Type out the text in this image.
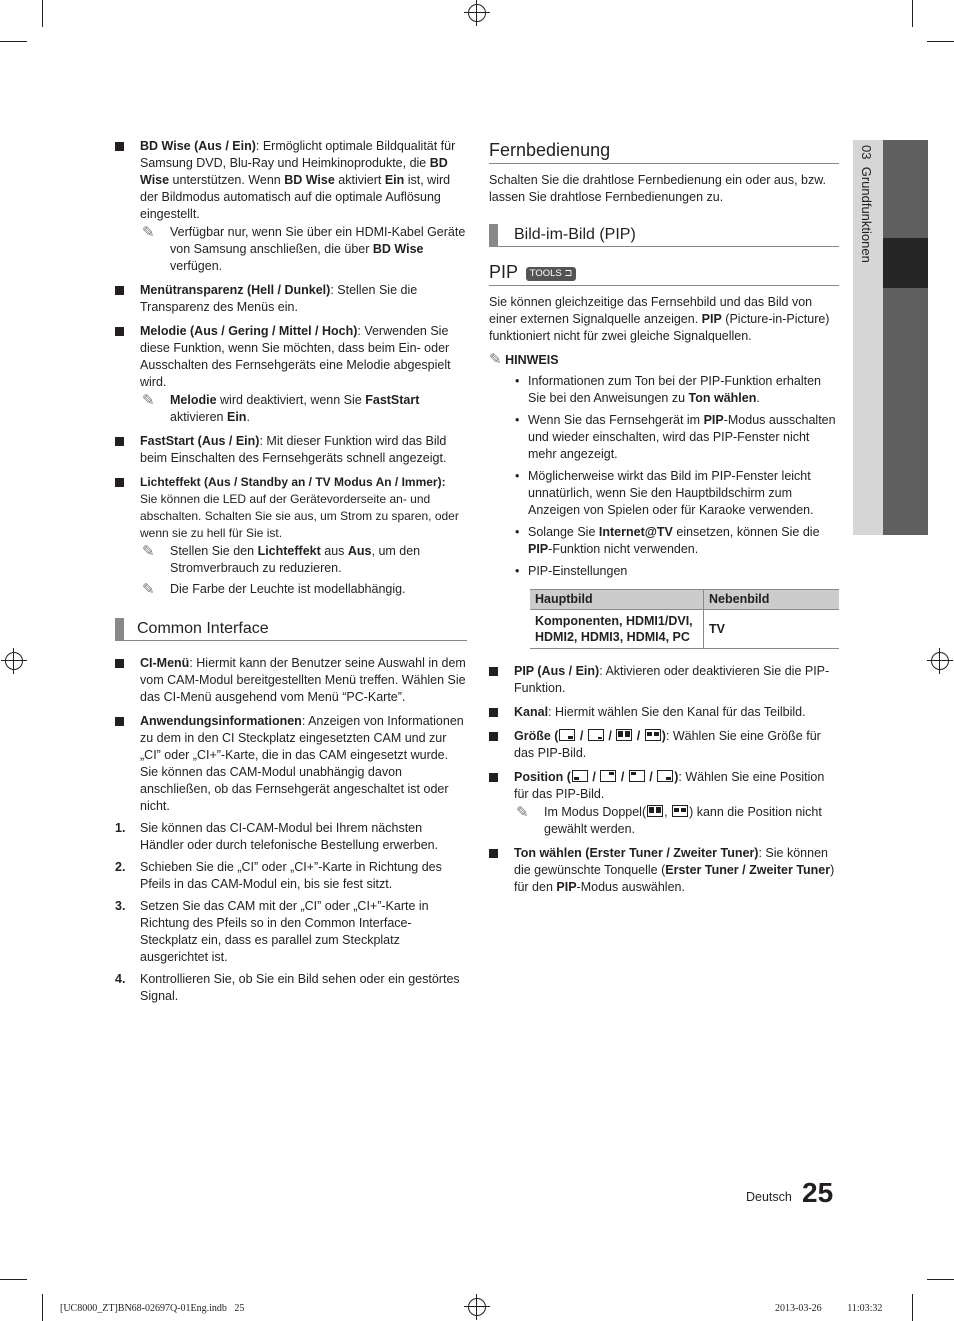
03  Grundfunktionen
BD Wise (Aus / Ein): Ermöglicht optimale Bildqualität für Samsung DVD, Blu-Ray und Heimkinoprodukte, die BD Wise unterstützen. Wenn BD Wise aktiviert Ein ist, wird der Bildmodus automatisch auf die optimale Auflösung eingestellt.
✎ Verfügbar nur, wenn Sie über ein HDMI-Kabel Geräte von Samsung anschließen, die über BD Wise verfügen.
Menütransparenz (Hell / Dunkel): Stellen Sie die Transparenz des Menüs ein.
Melodie (Aus / Gering / Mittel / Hoch): Verwenden Sie diese Funktion, wenn Sie möchten, dass beim Ein- oder Ausschalten des Fernsehgeräts eine Melodie abgespielt wird.
✎ Melodie wird deaktiviert, wenn Sie FastStart aktivieren Ein.
FastStart (Aus / Ein): Mit dieser Funktion wird das Bild beim Einschalten des Fernsehgeräts schnell angezeigt.
Lichteffekt (Aus / Standby an / TV Modus An / Immer):
Sie können die LED auf der Gerätevorderseite an- und abschalten. Schalten Sie sie aus, um Strom zu sparen, oder wenn sie zu hell für Sie ist.
✎ Stellen Sie den Lichteffekt aus Aus, um den Stromverbrauch zu reduzieren.
✎ Die Farbe der Leuchte ist modellabhängig.
Common Interface
CI-Menü: Hiermit kann der Benutzer seine Auswahl in dem vom CAM-Modul bereitgestellten Menü treffen. Wählen Sie das CI-Menü ausgehend vom Menü “PC-Karte”.
Anwendungsinformationen: Anzeigen von Informationen zu dem in den CI Steckplatz eingesetzten CAM und zur „CI” oder „CI+”-Karte, die in das CAM eingesetzt wurde. Sie können das CAM-Modul unabhängig davon anschließen, ob das Fernsehgerät angeschaltet ist oder nicht.
1. Sie können das CI-CAM-Modul bei Ihrem nächsten Händler oder durch telefonische Bestellung erwerben.
2. Schieben Sie die „CI” oder „CI+”-Karte in Richtung des Pfeils in das CAM-Modul ein, bis sie fest sitzt.
3. Setzen Sie das CAM mit der „CI” oder „CI+”-Karte in Richtung des Pfeils so in den Common Interface-Steckplatz ein, dass es parallel zum Steckplatz ausgerichtet ist.
4. Kontrollieren Sie, ob Sie ein Bild sehen oder ein gestörtes Signal.
Fernbedienung
Schalten Sie die drahtlose Fernbedienung ein oder aus, bzw. lassen Sie drahtlose Fernbedienungen zu.
Bild-im-Bild (PIP)
PIP TOOLS ⊐
Sie können gleichzeitige das Fernsehbild und das Bild von einer externen Signalquelle anzeigen. PIP (Picture-in-Picture) funktioniert nicht für zwei gleiche Signalquellen.
✎ HINWEIS
• Informationen zum Ton bei der PIP-Funktion erhalten Sie bei den Anweisungen zu Ton wählen.
• Wenn Sie das Fernsehgerät im PIP-Modus ausschalten und wieder einschalten, wird das PIP-Fenster nicht mehr angezeigt.
• Möglicherweise wirkt das Bild im PIP-Fenster leicht unnatürlich, wenn Sie den Hauptbildschirm zum Anzeigen von Spielen oder für Karaoke verwenden.
• Solange Sie Internet@TV einsetzen, können Sie die PIP-Funktion nicht verwenden.
• PIP-Einstellungen
Hauptbild	Nebenbild
Komponenten, HDMI1/DVI, HDMI2, HDMI3, HDMI4, PC	TV
PIP (Aus / Ein): Aktivieren oder deaktivieren Sie die PIP-Funktion.
Kanal: Hiermit wählen Sie den Kanal für das Teilbild.
Größe (
/
/
/
): Wählen Sie eine Größe für das PIP-Bild.
Position (
/
/
/
): Wählen Sie eine Position für das PIP-Bild.
✎ Im Modus Doppel( ,
) kann die Position nicht gewählt werden.
Ton wählen (Erster Tuner / Zweiter Tuner): Sie können die gewünschte Tonquelle (Erster Tuner / Zweiter Tuner) für den PIP-Modus auswählen.
Deutsch 25
[UC8000_ZT]BN68-02697Q-01Eng.indb   25	2013-03-26   ￿￿ 11:03:32
